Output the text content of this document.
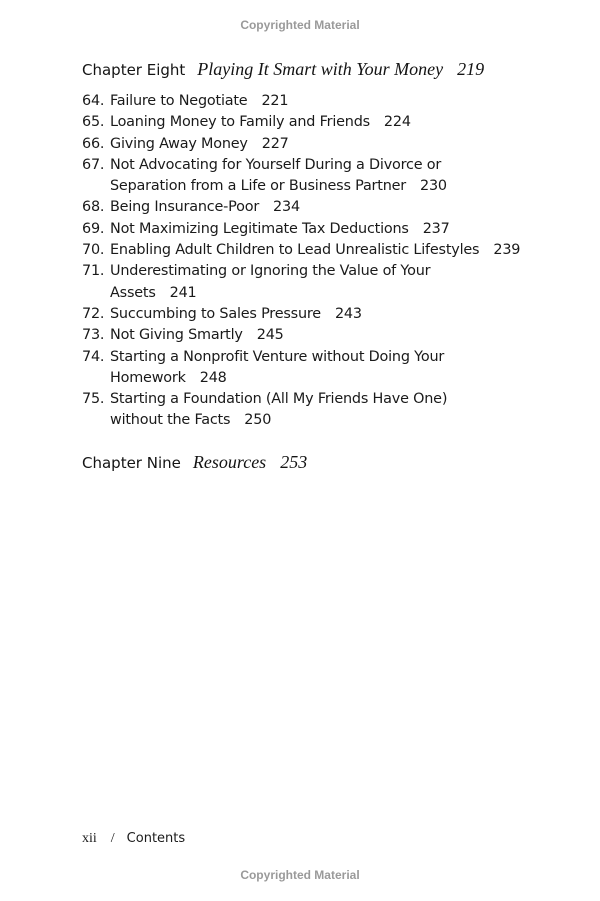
Copyrighted Material
Chapter Eight Playing It Smart with Your Money 219
64. Failure to Negotiate 221
65. Loaning Money to Family and Friends 224
66. Giving Away Money 227
67. Not Advocating for Yourself During a Divorce or Separation from a Life or Business Partner 230
68. Being Insurance-Poor 234
69. Not Maximizing Legitimate Tax Deductions 237
70. Enabling Adult Children to Lead Unrealistic Lifestyles 239
71. Underestimating or Ignoring the Value of Your Assets 241
72. Succumbing to Sales Pressure 243
73. Not Giving Smartly 245
74. Starting a Nonprofit Venture without Doing Your Homework 248
75. Starting a Foundation (All My Friends Have One) without the Facts 250
Chapter Nine Resources 253
xii / Contents
Copyrighted Material
